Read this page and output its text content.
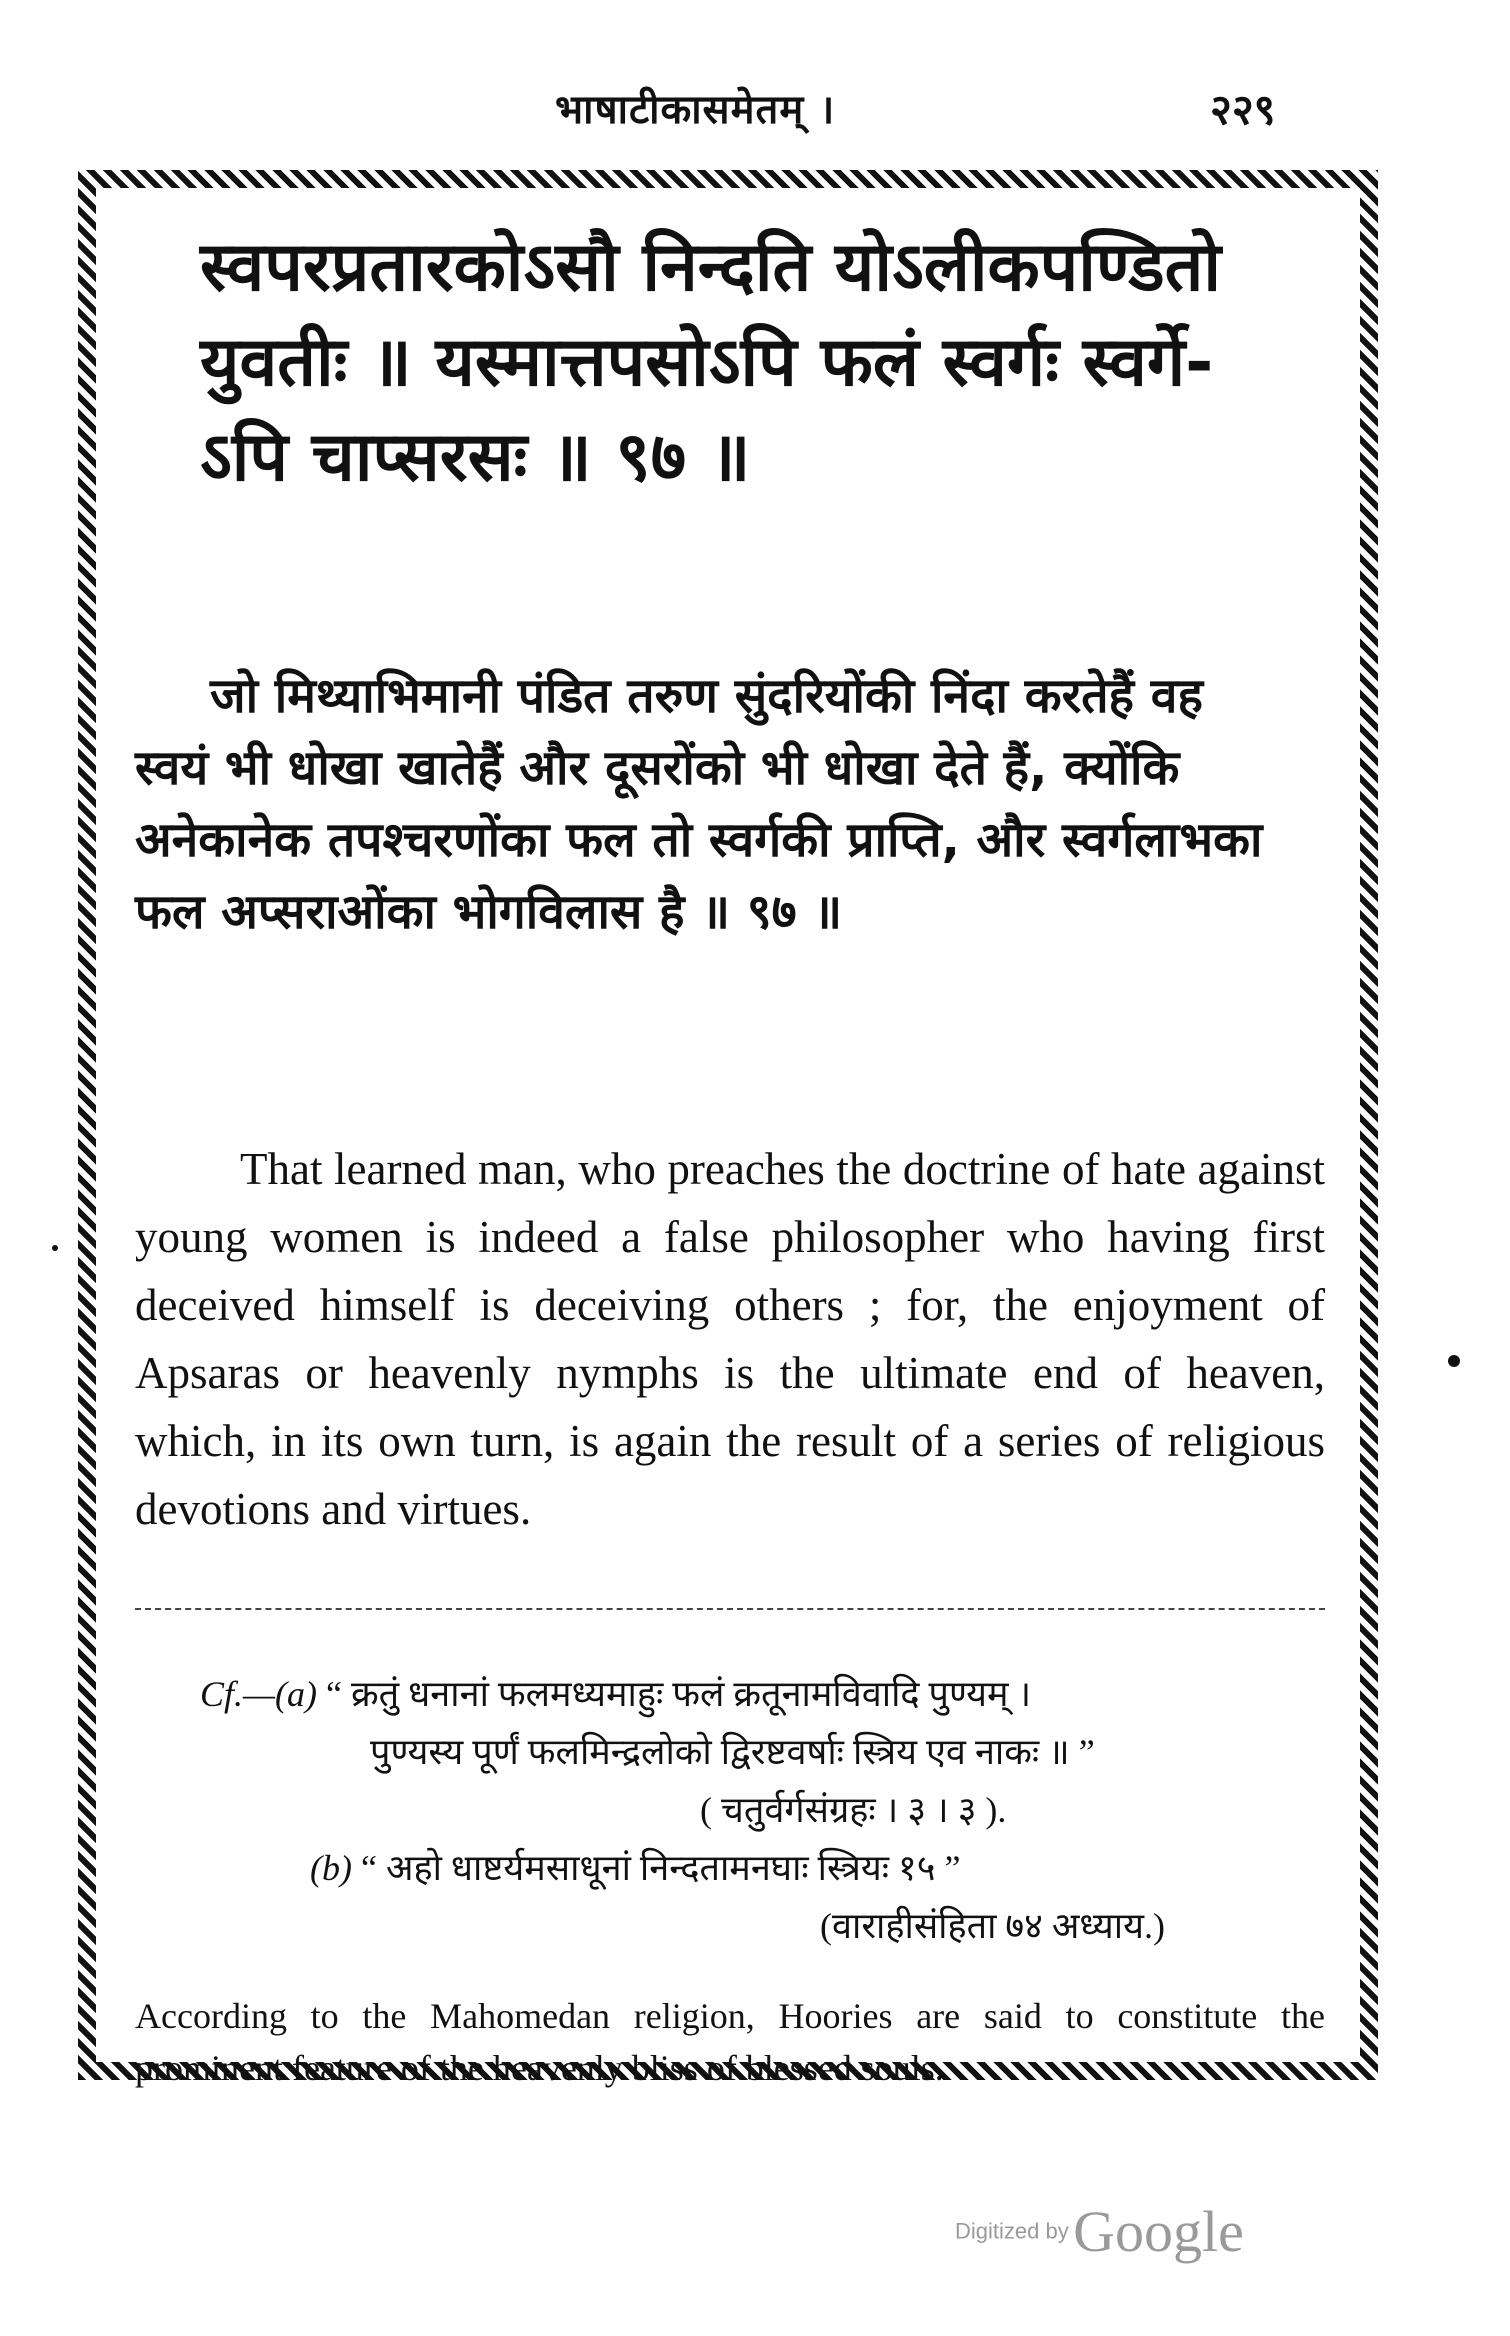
भाषाटीकासमेतम् ।	२२९
स्वपरप्रतारकोऽसौ निन्दति योऽलीकपण्डितो
युवतीः ॥ यस्मात्तपसोऽपि फलं स्वर्गः स्वर्गे-
ऽपि चाप्सरसः ॥ ९७ ॥
जो मिथ्याभिमानी पंडित तरुण सुंदरियोंकी निंदा करतेहैं वह
स्वयं भी धोखा खातेहैं और दूसरोंको भी धोखा देते हैं, क्योंकि
अनेकानेक तपश्चरणोंका फल तो स्वर्गकी प्राप्ति, और स्वर्गलाभका
फल अप्सराओंका भोगविलास है ॥ ९७ ॥
That learned man, who preaches the doctrine of hate against young women is indeed a false philosopher who having first deceived himself is deceiving others ; for, the enjoyment of Apsaras or heavenly nymphs is the ultimate end of heaven, which, in its own turn, is again the result of a series of religious devotions and virtues.
Cf.—(a) “ क्रतुं धनानां फलमध्यमाहुः फलं क्रतूनामविवादि पुण्यम् ।
पुण्यस्य पूर्णं फलमिन्द्रलोको द्विरष्टवर्षाः स्त्रिय एव नाकः ॥ ”
( चतुर्वर्गसंग्रहः । ३ । ३ ).
(b) “ अहो धाष्टर्यमसाधूनां निन्दतामनघाः स्त्रियः १५ ”
(वाराहीसंहिता ७४ अध्याय.)
According to the Mahomedan religion, Hoories are said to constitute the prominent feature of the heavenly bliss of blessed souls.
Digitized by Google
